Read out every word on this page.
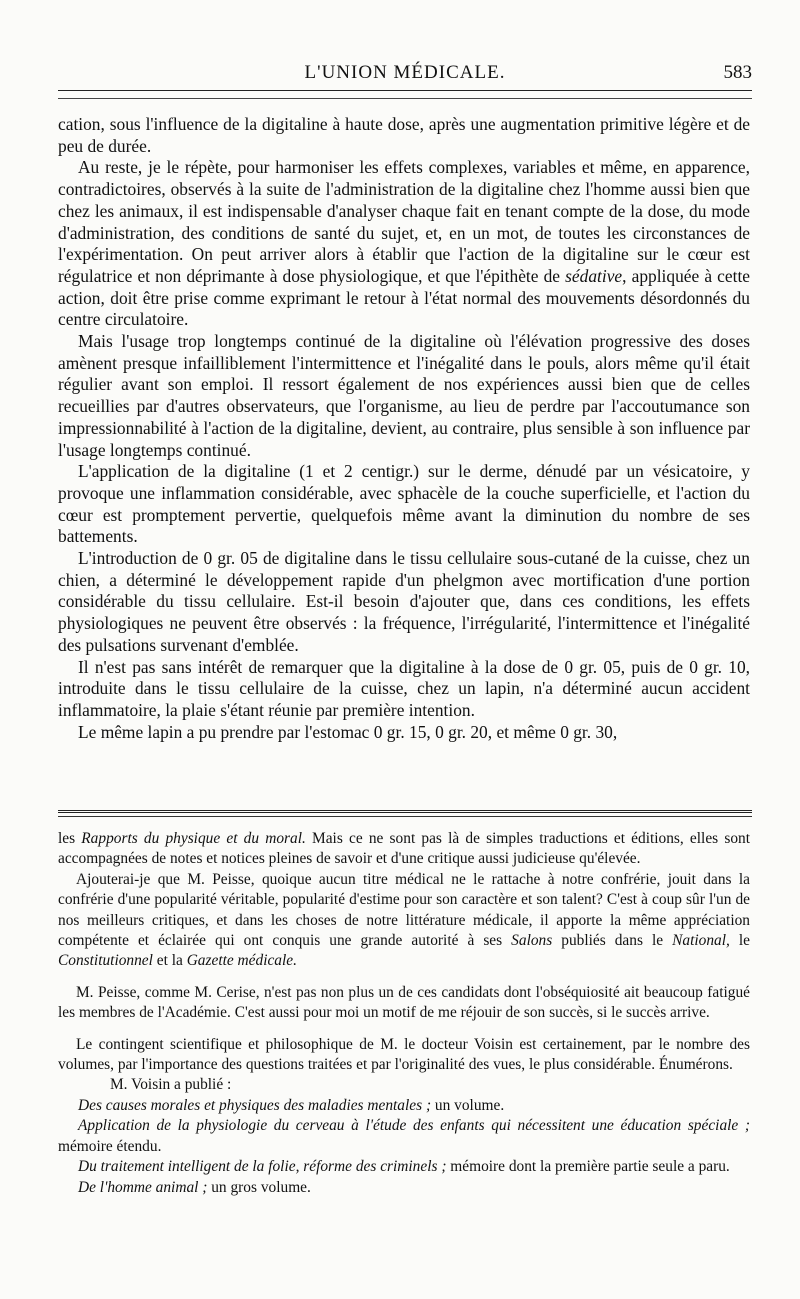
L'UNION MÉDICALE.	583

cation, sous l'influence de la digitaline à haute dose, après une augmentation primitive légère et de peu de durée.

Au reste, je le répète, pour harmoniser les effets complexes, variables et même, en apparence, contradictoires, observés à la suite de l'administration de la digitaline chez l'homme aussi bien que chez les animaux, il est indispensable d'analyser chaque fait en tenant compte de la dose, du mode d'administration, des conditions de santé du sujet, et, en un mot, de toutes les circonstances de l'expérimentation. On peut arriver alors à établir que l'action de la digitaline sur le cœur est régulatrice et non déprimante à dose physiologique, et que l'épithète de sédative, appliquée à cette action, doit être prise comme exprimant le retour à l'état normal des mouvements désordonnés du centre circulatoire.

Mais l'usage trop longtemps continué de la digitaline où l'élévation progressive des doses amènent presque infailliblement l'intermittence et l'inégalité dans le pouls, alors même qu'il était régulier avant son emploi. Il ressort également de nos expériences aussi bien que de celles recueillies par d'autres observateurs, que l'organisme, au lieu de perdre par l'accoutumance son impressionnabilité à l'action de la digitaline, devient, au contraire, plus sensible à son influence par l'usage longtemps continué.

L'application de la digitaline (1 et 2 centigr.) sur le derme, dénudé par un vésicatoire, y provoque une inflammation considérable, avec sphacèle de la couche superficielle, et l'action du cœur est promptement pervertie, quelquefois même avant la diminution du nombre de ses battements.

L'introduction de 0 gr. 05 de digitaline dans le tissu cellulaire sous-cutané de la cuisse, chez un chien, a déterminé le développement rapide d'un phelgmon avec mortification d'une portion considérable du tissu cellulaire. Est-il besoin d'ajouter que, dans ces conditions, les effets physiologiques ne peuvent être observés : la fréquence, l'irrégularité, l'intermittence et l'inégalité des pulsations survenant d'emblée.

Il n'est pas sans intérêt de remarquer que la digitaline à la dose de 0 gr. 05, puis de 0 gr. 10, introduite dans le tissu cellulaire de la cuisse, chez un lapin, n'a déterminé aucun accident inflammatoire, la plaie s'étant réunie par première intention.

Le même lapin a pu prendre par l'estomac 0 gr. 15, 0 gr. 20, et même 0 gr. 30,

les Rapports du physique et du moral. Mais ce ne sont pas là de simples traductions et éditions, elles sont accompagnées de notes et notices pleines de savoir et d'une critique aussi judicieuse qu'élevée.

Ajouterai-je que M. Peisse, quoique aucun titre médical ne le rattache à notre confrérie, jouit dans la confrérie d'une popularité véritable, popularité d'estime pour son caractère et son talent? C'est à coup sûr l'un de nos meilleurs critiques, et dans les choses de notre littérature médicale, il apporte la même appréciation compétente et éclairée qui ont conquis une grande autorité à ses Salons publiés dans le National, le Constitutionnel et la Gazette médicale.

M. Peisse, comme M. Cerise, n'est pas non plus un de ces candidats dont l'obséquiosité ait beaucoup fatigué les membres de l'Académie. C'est aussi pour moi un motif de me réjouir de son succès, si le succès arrive.

Le contingent scientifique et philosophique de M. le docteur Voisin est certainement, par le nombre des volumes, par l'importance des questions traitées et par l'originalité des vues, le plus considérable. Énumérons.

M. Voisin a publié :

Des causes morales et physiques des maladies mentales ; un volume.

Application de la physiologie du cerveau à l'étude des enfants qui nécessitent une éducation spéciale ; mémoire étendu.

Du traitement intelligent de la folie, réforme des criminels ; mémoire dont la première partie seule a paru.

De l'homme animal ; un gros volume.
